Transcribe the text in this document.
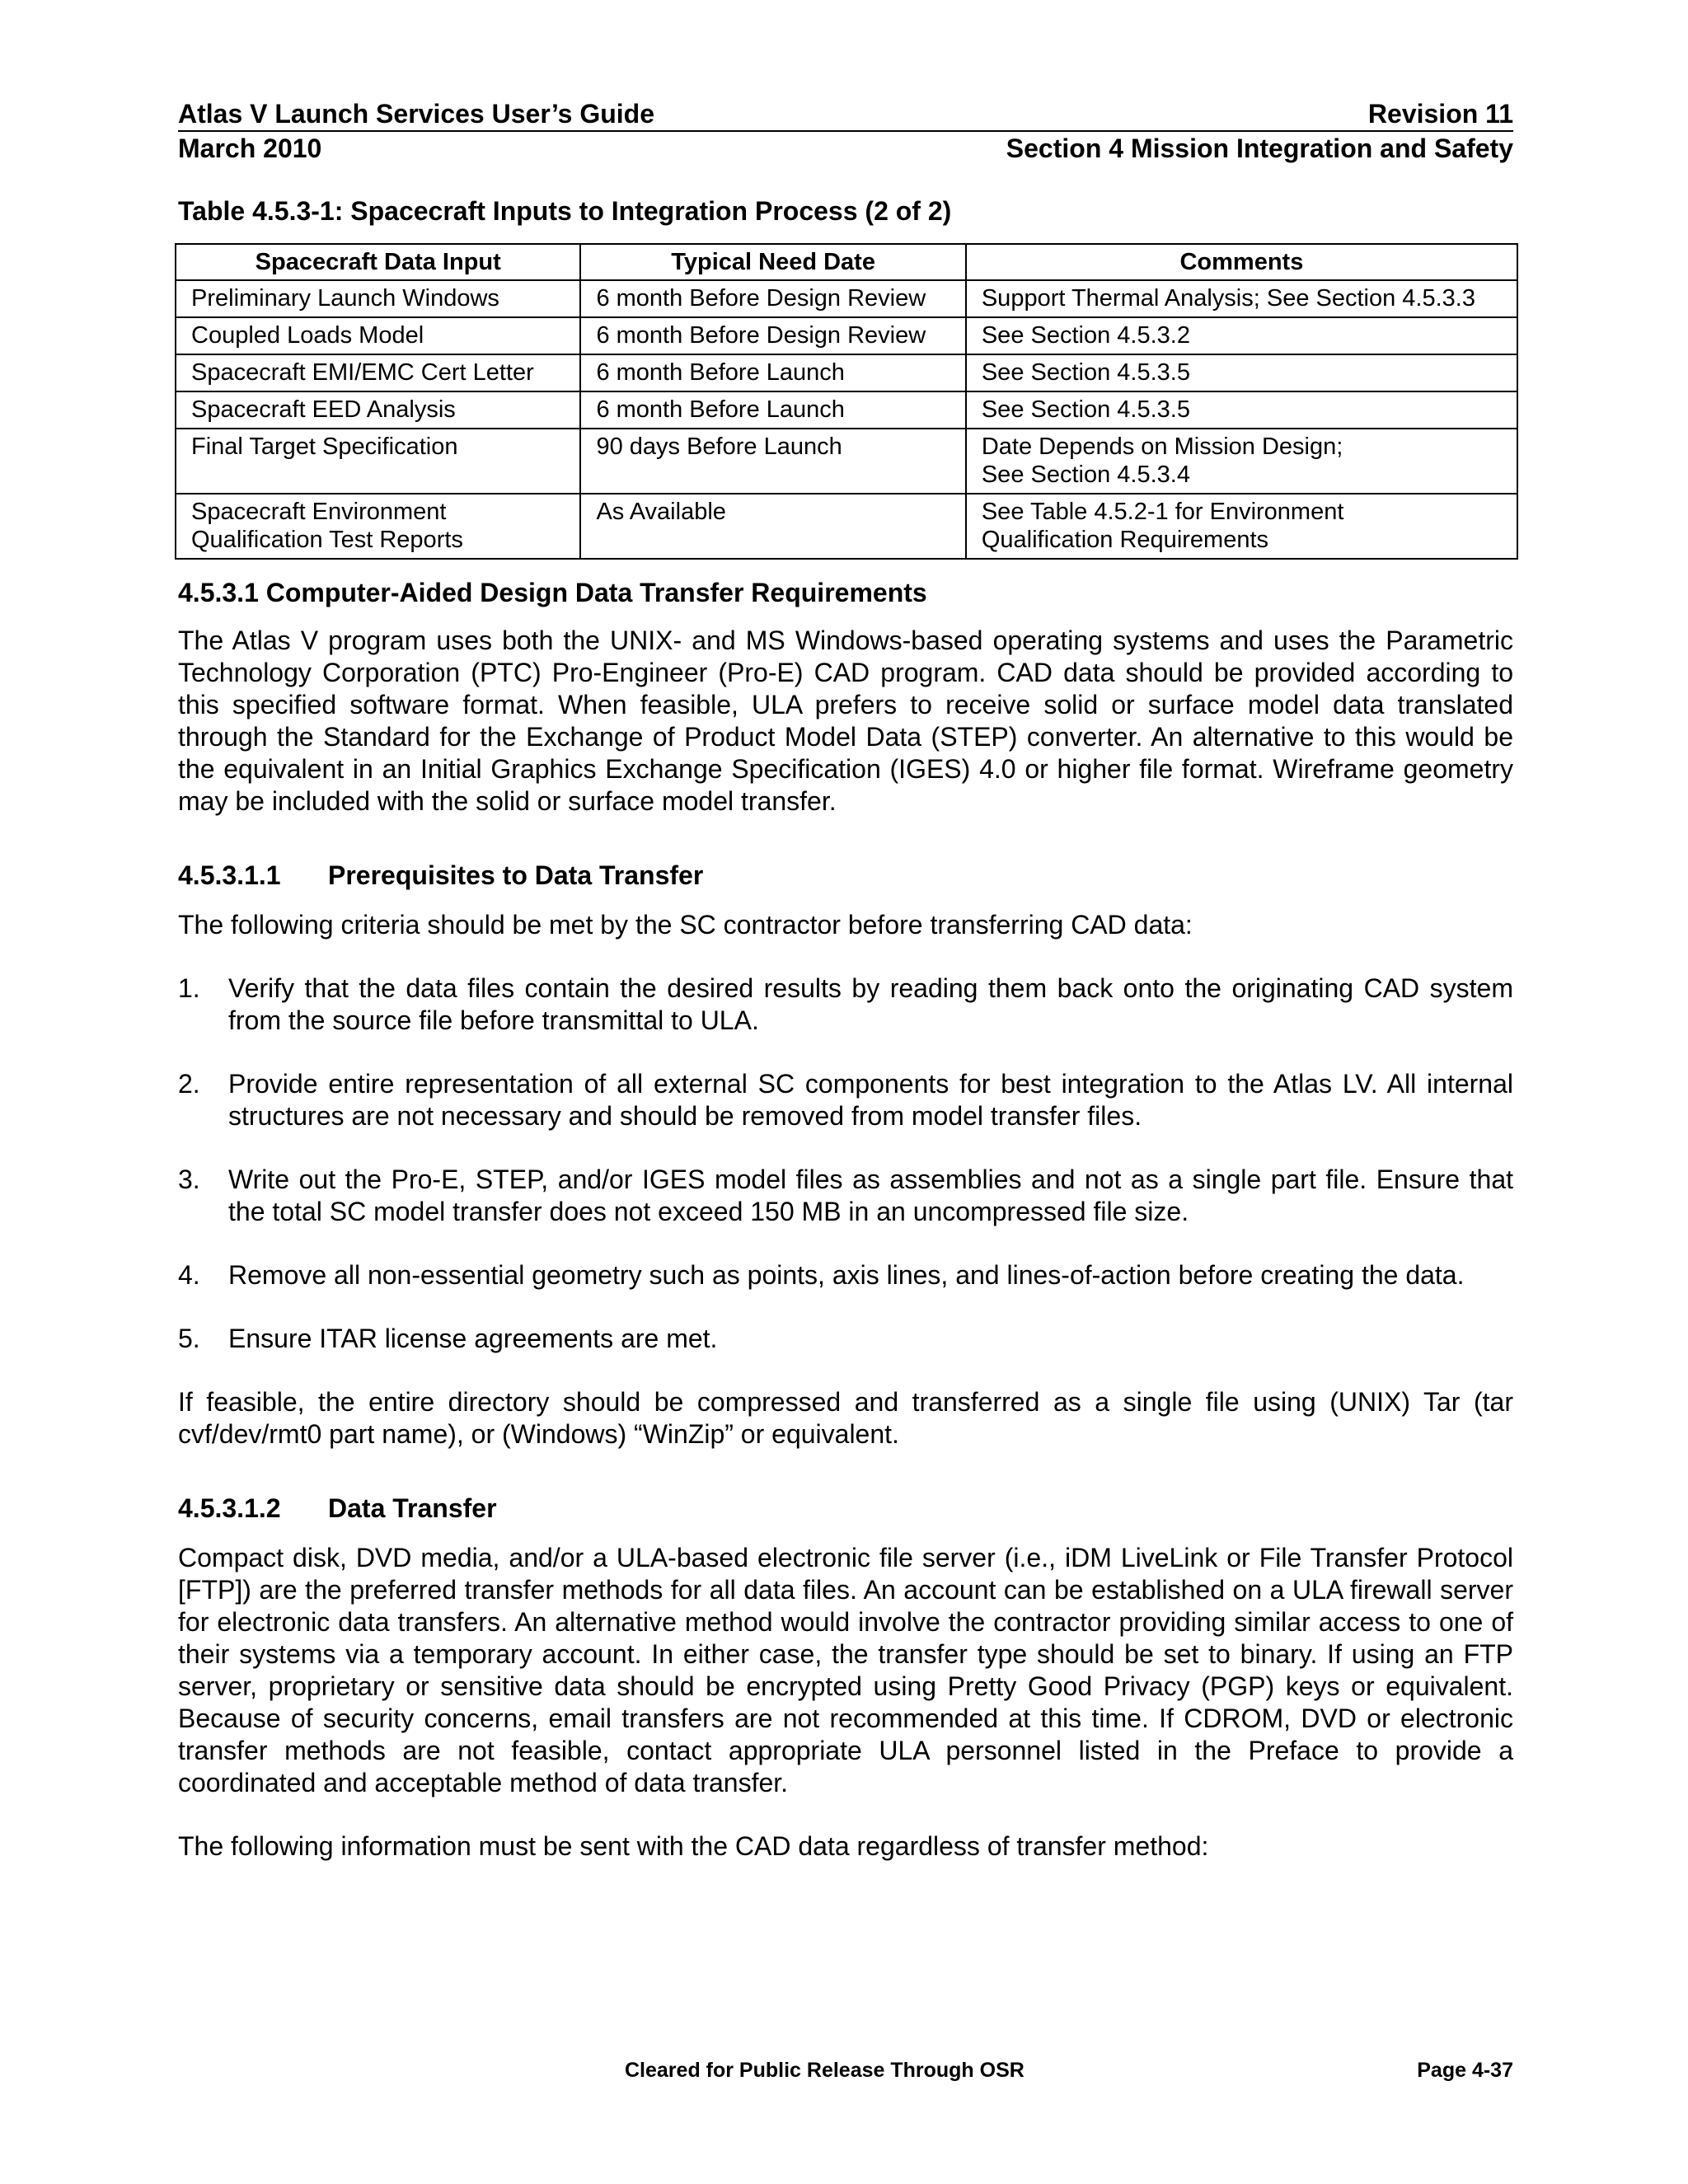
Atlas V Launch Services User’s Guide	Revision 11
March 2010	Section 4 Mission Integration and Safety
Table 4.5.3-1: Spacecraft Inputs to Integration Process (2 of 2)
Spacecraft Data Input	Typical Need Date	Comments
Preliminary Launch Windows	6 month Before Design Review	Support Thermal Analysis; See Section 4.5.3.3
Coupled Loads Model	6 month Before Design Review	See Section 4.5.3.2
Spacecraft EMI/EMC Cert Letter	6 month Before Launch	See Section 4.5.3.5
Spacecraft EED Analysis	6 month Before Launch	See Section 4.5.3.5
Final Target Specification	90 days Before Launch	Date Depends on Mission Design;
See Section 4.5.3.4
Spacecraft Environment
Qualification Test Reports	As Available	See Table 4.5.2-1 for Environment
Qualification Requirements
4.5.3.1 Computer-Aided Design Data Transfer Requirements

The Atlas V program uses both the UNIX- and MS Windows-based operating systems and uses the Parametric Technology Corporation (PTC) Pro-Engineer (Pro-E) CAD program. CAD data should be provided according to this specified software format. When feasible, ULA prefers to receive solid or surface model data translated through the Standard for the Exchange of Product Model Data (STEP) converter. An alternative to this would be the equivalent in an Initial Graphics Exchange Specification (IGES) 4.0 or higher file format. Wireframe geometry may be included with the solid or surface model transfer.

4.5.3.1.1 Prerequisites to Data Transfer

The following criteria should be met by the SC contractor before transferring CAD data:

1. Verify that the data files contain the desired results by reading them back onto the originating CAD system from the source file before transmittal to ULA.
2. Provide entire representation of all external SC components for best integration to the Atlas LV. All internal structures are not necessary and should be removed from model transfer files.
3. Write out the Pro-E, STEP, and/or IGES model files as assemblies and not as a single part file. Ensure that the total SC model transfer does not exceed 150 MB in an uncompressed file size.
4. Remove all non-essential geometry such as points, axis lines, and lines-of-action before creating the data.
5. Ensure ITAR license agreements are met.

If feasible, the entire directory should be compressed and transferred as a single file using (UNIX) Tar (tar cvf/dev/rmt0 part name), or (Windows) “WinZip” or equivalent.

4.5.3.1.2 Data Transfer

Compact disk, DVD media, and/or a ULA-based electronic file server (i.e., iDM LiveLink or File Transfer Protocol [FTP]) are the preferred transfer methods for all data files. An account can be established on a ULA firewall server for electronic data transfers. An alternative method would involve the contractor providing similar access to one of their systems via a temporary account. In either case, the transfer type should be set to binary. If using an FTP server, proprietary or sensitive data should be encrypted using Pretty Good Privacy (PGP) keys or equivalent. Because of security concerns, email transfers are not recommended at this time. If CDROM, DVD or electronic transfer methods are not feasible, contact appropriate ULA personnel listed in the Preface to provide a coordinated and acceptable method of data transfer.

The following information must be sent with the CAD data regardless of transfer method:

Cleared for Public Release Through OSR	Page 4-37
